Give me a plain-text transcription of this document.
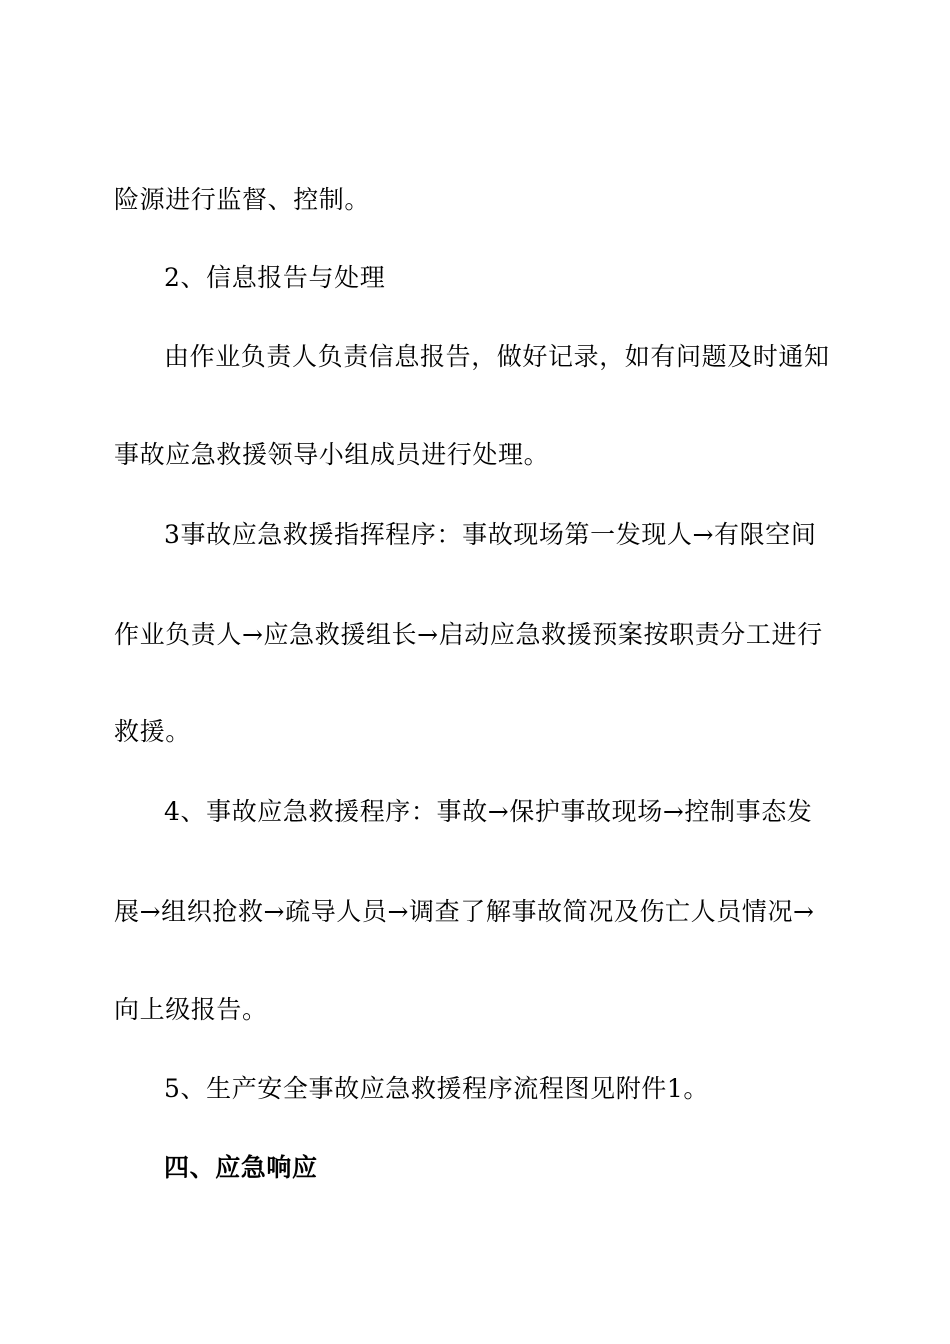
险源进行监督、控制。
2、信息报告与处理
由作业负责人负责信息报告，做好记录，如有问题及时通知
事故应急救援领导小组成员进行处理。
3事故应急救援指挥程序：事故现场第一发现人→有限空间
作业负责人→应急救援组长→启动应急救援预案按职责分工进行
救援。
4、事故应急救援程序：事故→保护事故现场→控制事态发
展→组织抢救→疏导人员→调查了解事故简况及伤亡人员情况→
向上级报告。
5、生产安全事故应急救援程序流程图见附件1。
四、应急响应
